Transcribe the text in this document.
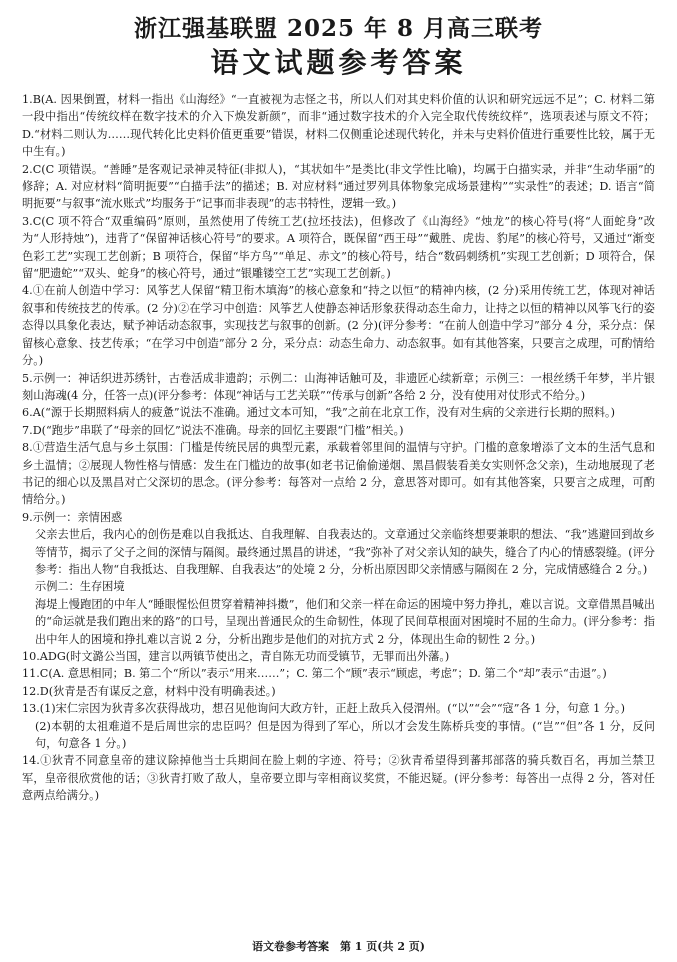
浙江强基联盟 2025 年 8 月高三联考
语文试题参考答案

1.B(A. 因果倒置，材料一指出《山海经》“一直被视为志怪之书，所以人们对其史料价值的认识和研究远远不足”；C. 材料二第一段中指出“传统纹样在数字技术的介入下焕发新颜”，而非“通过数字技术的介入完全取代传统纹样”，选项表述与原文不符；D.“材料二则认为……现代转化比史料价值更重要”错误，材料二仅侧重论述现代转化，并未与史料价值进行重要性比较，属于无中生有。)

2.C(C 项错误。“善睡”是客观记录神灵特征(非拟人)，“其状如牛”是类比(非文学性比喻)，均属于白描实录，并非“生动华丽”的修辞；A. 对应材料“简明扼要”“白描手法”的描述；B. 对应材料“通过罗列具体物象完成场景建构”“实录性”的表述；D. 语言“简明扼要”与叙事“流水账式”均服务于“记事而非表现”的志书特性，逻辑一致。)

3.C(C 项不符合“双重编码”原则，虽然使用了传统工艺(拉坯技法)，但修改了《山海经》“烛龙”的核心符号(将“人面蛇身”改为“人形持烛”)，违背了“保留神话核心符号”的要求。A 项符合，既保留“西王母”“戴胜、虎齿、豹尾”的核心符号，又通过“渐变色彩工艺”实现工艺创新；B 项符合，保留“毕方鸟”“单足、赤文”的核心符号，结合“数码刺绣机”实现工艺创新；D 项符合，保留“肥遗蛇”“双头、蛇身”的核心符号，通过“银雕镂空工艺”实现工艺创新。)

4.①在前人创造中学习：风筝艺人保留“精卫衔木填海”的核心意象和“持之以恒”的精神内核，(2 分)采用传统工艺，体现对神话叙事和传统技艺的传承。(2 分)②在学习中创造：风筝艺人使静态神话形象获得动态生命力，让持之以恒的精神以风筝飞行的姿态得以具象化表达，赋予神话动态叙事，实现技艺与叙事的创新。(2 分)(评分参考：“在前人创造中学习”部分 4 分，采分点：保留核心意象、技艺传承；“在学习中创造”部分 2 分，采分点：动态生命力、动态叙事。如有其他答案，只要言之成理，可酌情给分。)

5.示例一：神话织进苏绣针，古卷活成非遗韵；示例二：山海神话触可及，非遗匠心续新章；示例三：一根丝绣千年梦，半片银刻山海魂(4 分，任答一点)(评分参考：体现“神话与工艺关联”“传承与创新”各给 2 分，没有使用对仗形式不给分。)

6.A(“源于长期照料病人的疲惫”说法不准确。通过文本可知，“我”之前在北京工作，没有对生病的父亲进行长期的照料。)

7.D(“跑步”串联了“母亲的回忆”说法不准确。母亲的回忆主要跟“门槛”相关。)

8.①营造生活气息与乡土氛围：门槛是传统民居的典型元素，承载着邻里间的温情与守护。门槛的意象增添了文本的生活气息和乡土温情；②展现人物性格与情感：发生在门槛边的故事(如老书记偷偷递烟、黑昌假装看美女实则怀念父亲)，生动地展现了老书记的细心以及黑昌对亡父深切的思念。(评分参考：每答对一点给 2 分，意思答对即可。如有其他答案，只要言之成理，可酌情给分。)

9.示例一：亲情困惑
父亲去世后，我内心的创伤是难以自我抵达、自我理解、自我表达的。文章通过父亲临终想要兼职的想法、“我”逃避回到故乡等情节，揭示了父子之间的深情与隔阂。最终通过黑昌的讲述，“我”弥补了对父亲认知的缺失，缝合了内心的情感裂缝。(评分参考：指出人物“自我抵达、自我理解、自我表达”的处境 2 分，分析出原因即父亲情感与隔阂在 2 分，完成情感缝合 2 分。)
示例二：生存困境
海堤上慢跑团的中年人“睡眼惺忪但贯穿着精神抖擞”，他们和父亲一样在命运的困境中努力挣扎，难以言说。文章借黑昌喊出的“命运就是我们跑出来的路”的口号，呈现出普通民众的生命韧性，体现了民间草根面对困境时不屈的生命力。(评分参考：指出中年人的困境和挣扎难以言说 2 分，分析出跑步是他们的对抗方式 2 分，体现出生命的韧性 2 分。)

10.ADG(时文潞公当国，建言以两镇节使出之，青自陈无功而受镇节，无罪而出外藩。)

11.C(A. 意思相同；B. 第二个“所以”表示“用来……”；C. 第二个“顾”表示“顾虑，考虑”；D. 第二个“却”表示“击退”。)

12.D(狄青是否有谋反之意，材料中没有明确表述。)

13.(1)宋仁宗因为狄青多次获得战功，想召见他询问大政方针，正赶上敌兵入侵渭州。(“以”“会”“寇”各 1 分，句意 1 分。)
(2)本朝的太祖难道不是后周世宗的忠臣吗？但是因为得到了军心，所以才会发生陈桥兵变的事情。(“岂”“但”各 1 分，反问句，句意各 1 分。)

14.①狄青不同意皇帝的建议除掉他当士兵期间在脸上刺的字迹、符号；②狄青希望得到蕃邦部落的骑兵数百名，再加兰禁卫军，皇帝很欣赏他的话；③狄青打败了敌人，皇帝要立即与宰相商议奖赏，不能迟疑。(评分参考：每答出一点得 2 分，答对任意两点给满分。)

语文卷参考答案　第 1 页(共 2 页)
